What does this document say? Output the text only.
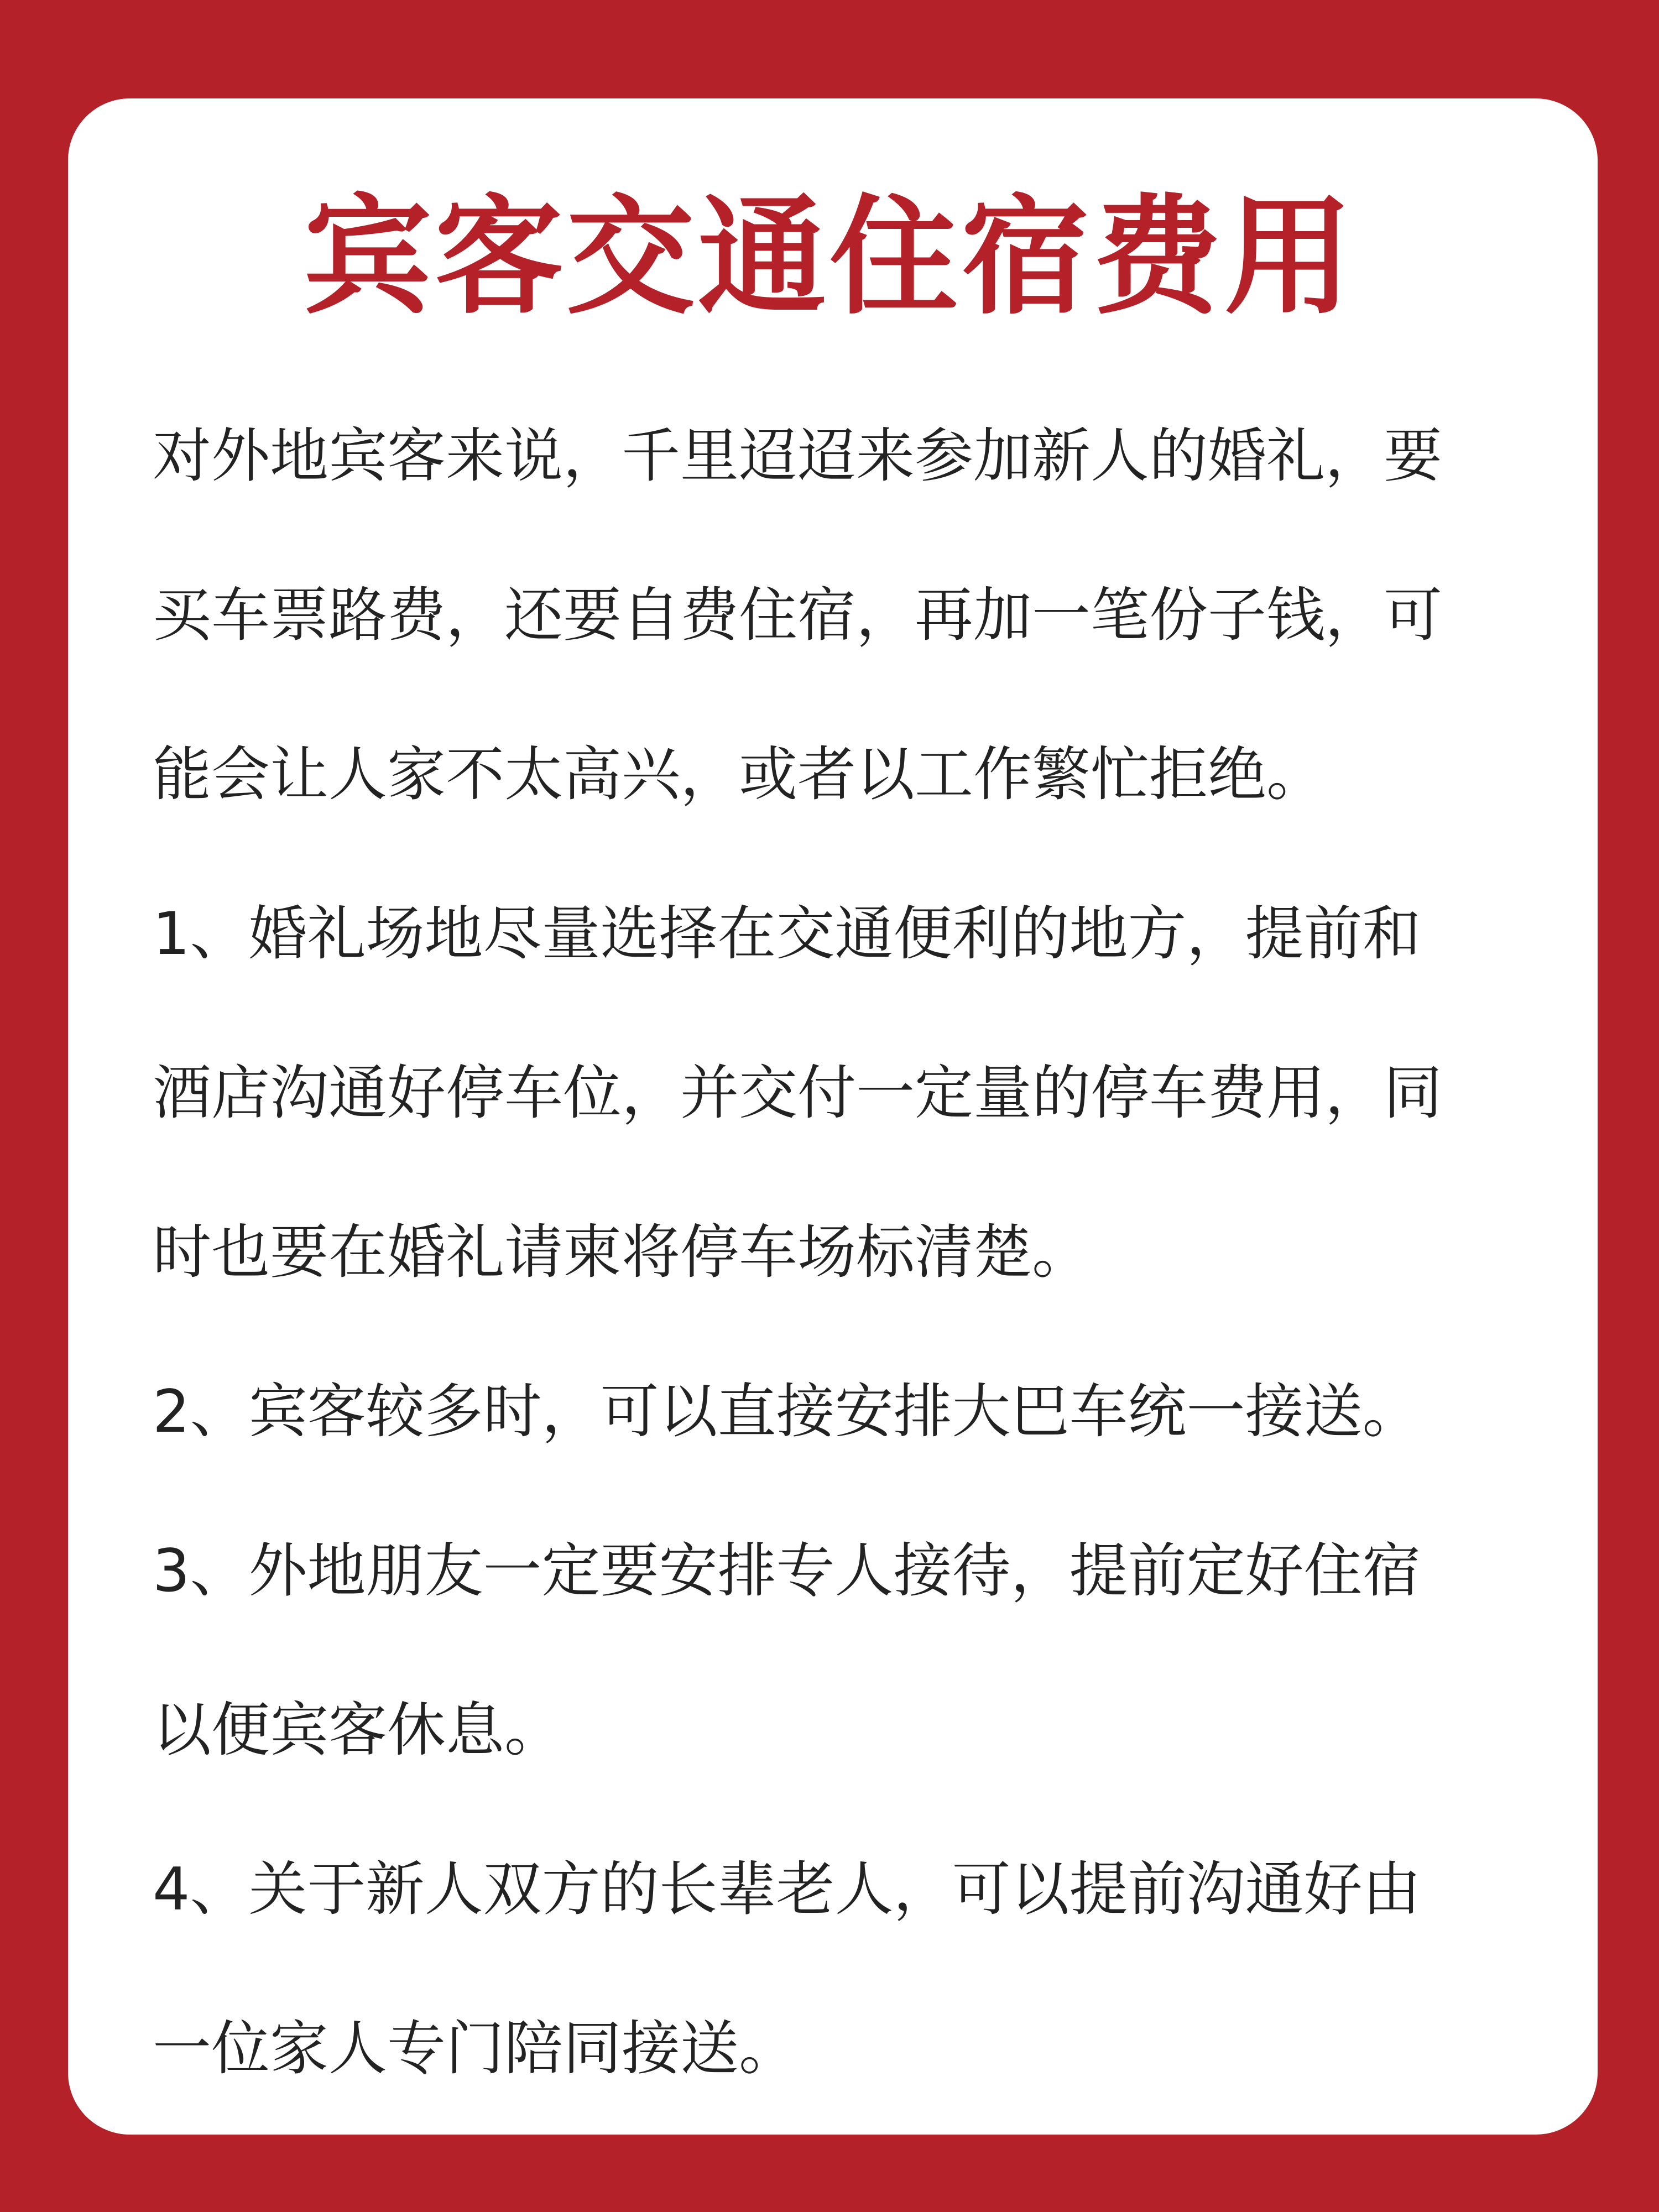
宾客交通住宿费用
对外地宾客来说，千里迢迢来参加新人的婚礼，要
买车票路费，还要自费住宿，再加一笔份子钱，可
能会让人家不太高兴，或者以工作繁忙拒绝。
1、婚礼场地尽量选择在交通便利的地方，提前和
酒店沟通好停车位，并交付一定量的停车费用，同
时也要在婚礼请柬将停车场标清楚。
2、宾客较多时，可以直接安排大巴车统一接送。
3、外地朋友一定要安排专人接待，提前定好住宿
以便宾客休息。
4、关于新人双方的长辈老人，可以提前沟通好由
一位家人专门陪同接送。
